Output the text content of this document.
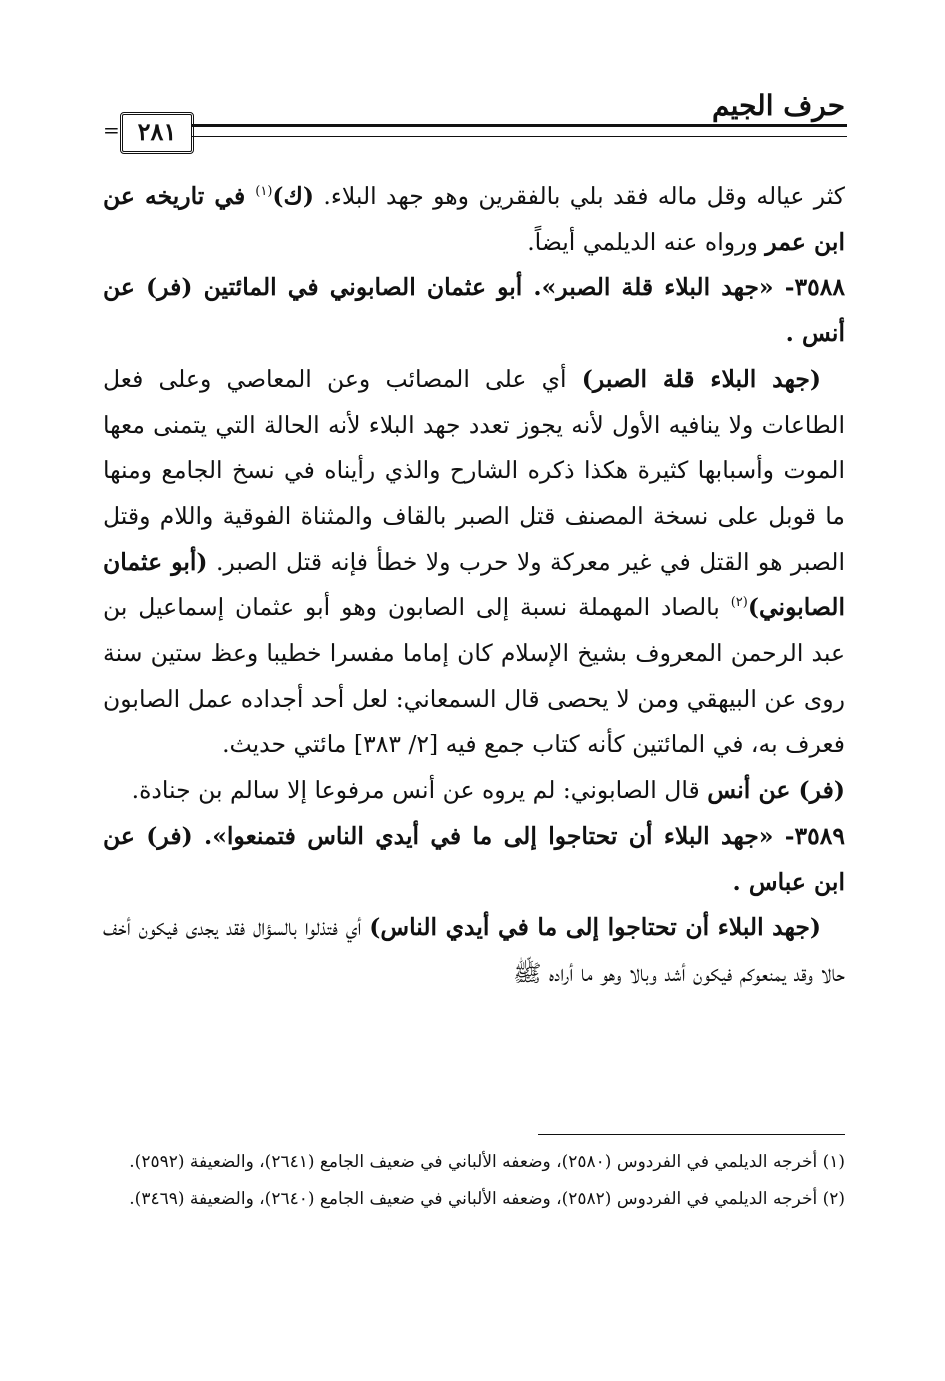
حرف الجيم
٢٨١
=

كثر عياله وقل ماله فقد بلي بالفقرين وهو جهد البلاء. (ك)$^{(١)}$ في تاريخه عن ابن عمر ورواه عنه الديلمي أيضاً.

٣٥٨٨- «جهد البلاء قلة الصبر». أبو عثمان الصابوني في المائتين (فر) عن أنس .

(جهد البلاء قلة الصبر) أي على المصائب وعن المعاصي وعلى فعل الطاعات ولا ينافيه الأول لأنه يجوز تعدد جهد البلاء لأنه الحالة التي يتمنى معها الموت وأسبابها كثيرة هكذا ذكره الشارح والذي رأيناه في نسخ الجامع ومنها ما قوبل على نسخة المصنف قتل الصبر بالقاف والمثناة الفوقية واللام وقتل الصبر هو القتل في غير معركة ولا حرب ولا خطأ فإنه قتل الصبر. (أبو عثمان الصابوني)$^{(٢)}$ بالصاد المهملة نسبة إلى الصابون وهو أبو عثمان إسماعيل بن عبد الرحمن المعروف بشيخ الإسلام كان إماما مفسرا خطيبا وعظ ستين سنة روى عن البيهقي ومن لا يحصى قال السمعاني: لعل أحد أجداده عمل الصابون فعرف به، في المائتين كأنه كتاب جمع فيه [٢/ ٣٨٣] مائتي حديث.

(فر) عن أنس قال الصابوني: لم يروه عن أنس مرفوعا إلا سالم بن جنادة.

٣٥٨٩- «جهد البلاء أن تحتاجوا إلى ما في أيدي الناس فتمنعوا». (فر) عن ابن عباس .

(جهد البلاء أن تحتاجوا إلى ما في أيدي الناس) أي فتذلوا بالسؤال فقد يجدى فيكون أخف حالا وقد يمنعوكم فيكون أشد وبالا وهو ما أراده ﷺ

(١) أخرجه الديلمي في الفردوس (٢٥٨٠)، وضعفه الألباني في ضعيف الجامع (٢٦٤١)، والضعيفة (٢٥٩٢).

(٢) أخرجه الديلمي في الفردوس (٢٥٨٢)، وضعفه الألباني في ضعيف الجامع (٢٦٤٠)، والضعيفة (٣٤٦٩).
